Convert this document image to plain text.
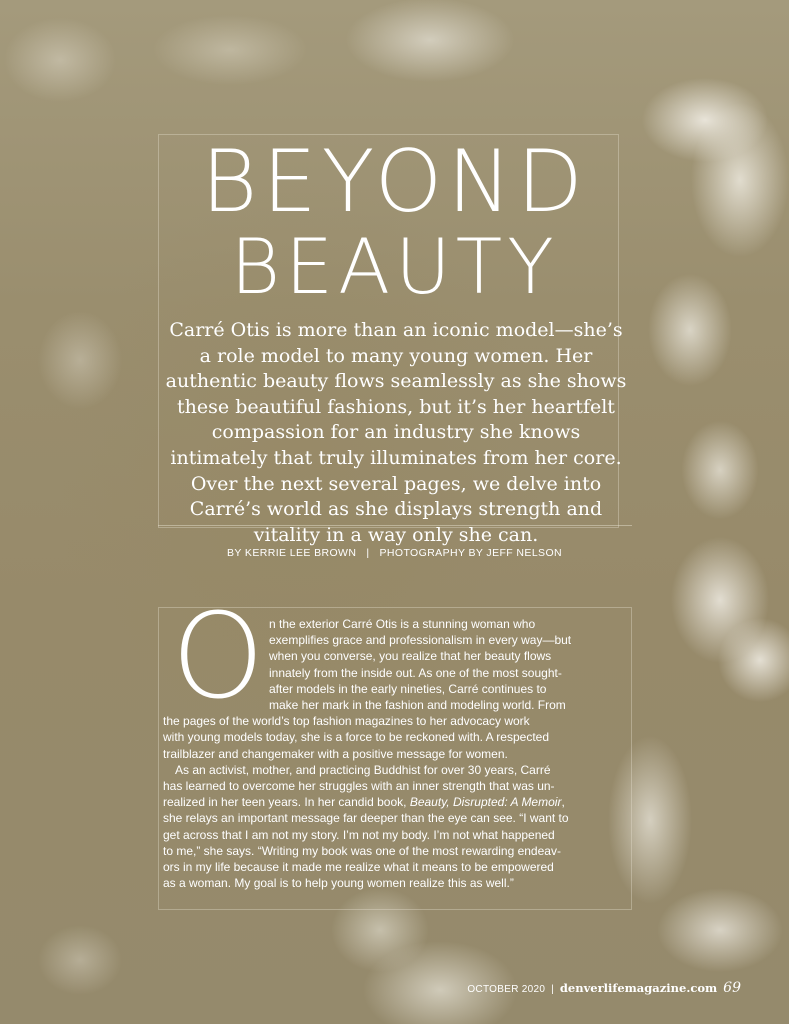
BEYOND
BEAUTY

Carré Otis is more than an iconic model—she’s a role model to many young women. Her authentic beauty flows seamlessly as she shows these beautiful fashions, but it’s her heartfelt compassion for an industry she knows intimately that truly illuminates from her core. Over the next several pages, we delve into Carré’s world as she displays strength and vitality in a way only she can.

BY KERRIE LEE BROWN | PHOTOGRAPHY BY JEFF NELSON
O n the exterior Carré Otis is a stunning woman who
exemplifies grace and professionalism in every way—but
when you converse, you realize that her beauty flows
innately from the inside out. As one of the most sought-
after models in the early nineties, Carré continues to
make her mark in the fashion and modeling world. From
the pages of the world’s top fashion magazines to her advocacy work
with young models today, she is a force to be reckoned with. A respected
trailblazer and changemaker with a positive message for women.
As an activist, mother, and practicing Buddhist for over 30 years, Carré
has learned to overcome her struggles with an inner strength that was un-
realized in her teen years. In her candid book, Beauty, Disrupted: A Memoir,
she relays an important message far deeper than the eye can see. “I want to
get across that I am not my story. I’m not my body. I’m not what happened
to me,” she says. “Writing my book was one of the most rewarding endeav-
ors in my life because it made me realize what it means to be empowered
as a woman. My goal is to help young women realize this as well.”
OCTOBER 2020 | denverlifemagazine.com 69
